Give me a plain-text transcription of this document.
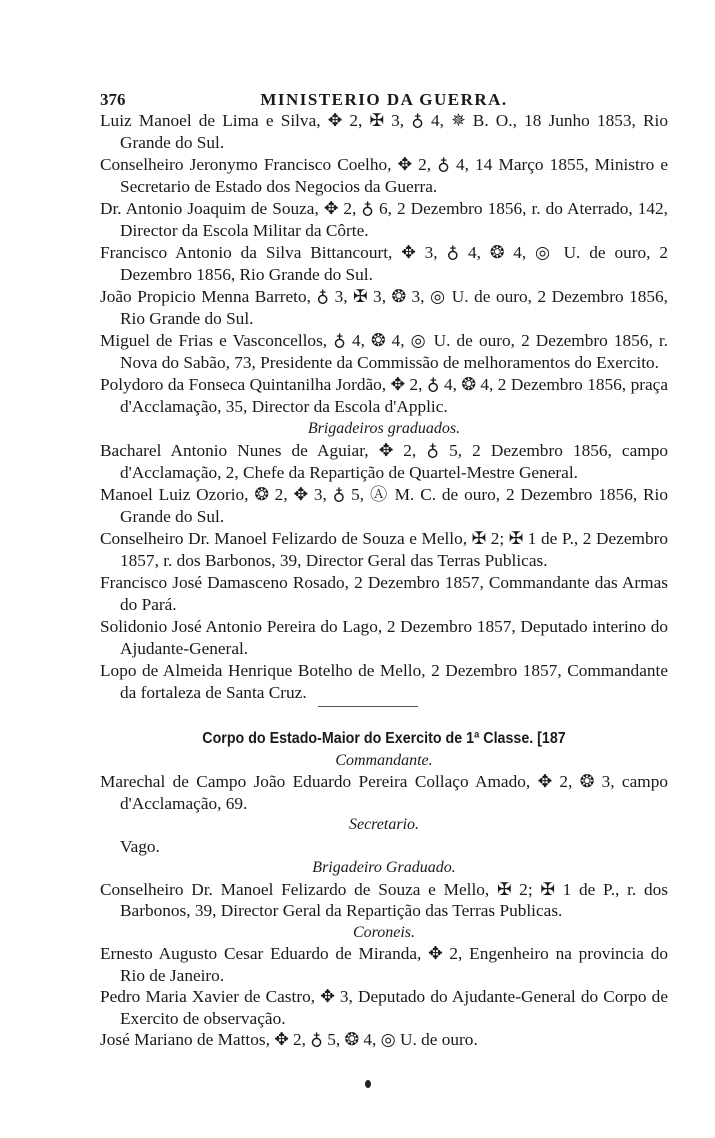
376	MINISTERIO DA GUERRA.

Luiz Manoel de Lima e Silva, ✥ 2, ✠ 3, ♁ 4, ✵ B. O., 18 Junho 1853, Rio Grande do Sul.

Conselheiro Jeronymo Francisco Coelho, ✥ 2, ♁ 4, 14 Março 1855, Ministro e Secretario de Estado dos Negocios da Guerra.

Dr. Antonio Joaquim de Souza, ✥ 2, ♁ 6, 2 Dezembro 1856, r. do Aterrado, 142, Director da Escola Militar da Côrte.

Francisco Antonio da Silva Bittancourt, ✥ 3, ♁ 4, ❂ 4, ◎ U. de ouro, 2 Dezembro 1856, Rio Grande do Sul.

João Propicio Menna Barreto, ♁ 3, ✠ 3, ❂ 3, ◎ U. de ouro, 2 Dezembro 1856, Rio Grande do Sul.

Miguel de Frias e Vasconcellos, ♁ 4, ❂ 4, ◎ U. de ouro, 2 Dezembro 1856, r. Nova do Sabão, 73, Presidente da Commissão de melhoramentos do Exercito.

Polydoro da Fonseca Quintanilha Jordão, ✥ 2, ♁ 4, ❂ 4, 2 Dezembro 1856, praça d'Acclamação, 35, Director da Escola d'Applic.

Brigadeiros graduados.

Bacharel Antonio Nunes de Aguiar, ✥ 2, ♁ 5, 2 Dezembro 1856, campo d'Acclamação, 2, Chefe da Repartição de Quartel-Mestre General.

Manoel Luiz Ozorio, ❂ 2, ✥ 3, ♁ 5, Ⓐ M. C. de ouro, 2 Dezembro 1856, Rio Grande do Sul.

Conselheiro Dr. Manoel Felizardo de Souza e Mello, ✠ 2; ✠ 1 de P., 2 Dezembro 1857, r. dos Barbonos, 39, Director Geral das Terras Publicas.

Francisco José Damasceno Rosado, 2 Dezembro 1857, Commandante das Armas do Pará.

Solidonio José Antonio Pereira do Lago, 2 Dezembro 1857, Deputado interino do Ajudante-General.

Lopo de Almeida Henrique Botelho de Mello, 2 Dezembro 1857, Commandante da fortaleza de Santa Cruz.

Corpo do Estado-Maior do Exercito de 1ª Classe. [187
Commandante.

Marechal de Campo João Eduardo Pereira Collaço Amado, ✥ 2, ❂ 3, campo d'Acclamação, 69.

Secretario.
Vago.
Brigadeiro Graduado.

Conselheiro Dr. Manoel Felizardo de Souza e Mello, ✠ 2; ✠ 1 de P., r. dos Barbonos, 39, Director Geral da Repartição das Terras Publicas.

Coroneis.

Ernesto Augusto Cesar Eduardo de Miranda, ✥ 2, Engenheiro na provincia do Rio de Janeiro.

Pedro Maria Xavier de Castro, ✥ 3, Deputado do Ajudante-General do Corpo de Exercito de observação.

José Mariano de Mattos, ✥ 2, ♁ 5, ❂ 4, ◎ U. de ouro.
